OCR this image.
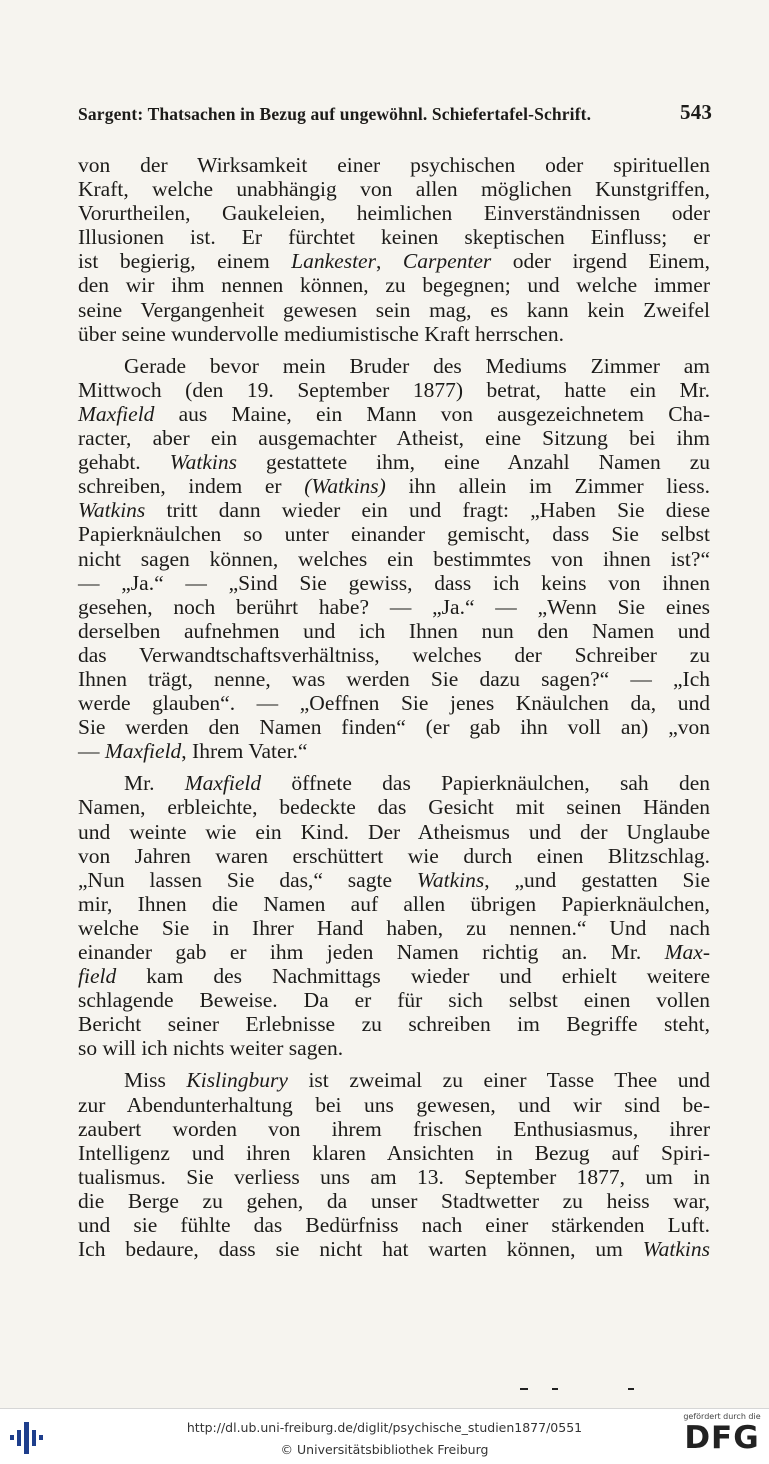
Sargent: Thatsachen in Bezug auf ungewöhnl. Schiefertafel-Schrift.	543
von der Wirksamkeit einer psychischen oder spirituellen
Kraft, welche unabhängig von allen möglichen Kunstgriffen,
Vorurtheilen, Gaukeleien, heimlichen Einverständnissen oder
Illusionen ist. Er fürchtet keinen skeptischen Einfluss; er
ist begierig, einem Lankester, Carpenter oder irgend Einem,
den wir ihm nennen können, zu begegnen; und welche immer
seine Vergangenheit gewesen sein mag, es kann kein Zweifel
über seine wundervolle mediumistische Kraft herrschen.
Gerade bevor mein Bruder des Mediums Zimmer am
Mittwoch (den 19. September 1877) betrat, hatte ein Mr.
Maxfield aus Maine, ein Mann von ausgezeichnetem Cha-
racter, aber ein ausgemachter Atheist, eine Sitzung bei ihm
gehabt. Watkins gestattete ihm, eine Anzahl Namen zu
schreiben, indem er (Watkins) ihn allein im Zimmer liess.
Watkins tritt dann wieder ein und fragt: „Haben Sie diese
Papierknäulchen so unter einander gemischt, dass Sie selbst
nicht sagen können, welches ein bestimmtes von ihnen ist?“
— „Ja.“ — „Sind Sie gewiss, dass ich keins von ihnen
gesehen, noch berührt habe? — „Ja.“ — „Wenn Sie eines
derselben aufnehmen und ich Ihnen nun den Namen und
das Verwandtschaftsverhältniss, welches der Schreiber zu
Ihnen trägt, nenne, was werden Sie dazu sagen?“ — „Ich
werde glauben“. — „Oeffnen Sie jenes Knäulchen da, und
Sie werden den Namen finden“ (er gab ihn voll an) „von
— Maxfield, Ihrem Vater.“
Mr. Maxfield öffnete das Papierknäulchen, sah den
Namen, erbleichte, bedeckte das Gesicht mit seinen Händen
und weinte wie ein Kind. Der Atheismus und der Unglaube
von Jahren waren erschüttert wie durch einen Blitzschlag.
„Nun lassen Sie das,“ sagte Watkins, „und gestatten Sie
mir, Ihnen die Namen auf allen übrigen Papierknäulchen,
welche Sie in Ihrer Hand haben, zu nennen.“ Und nach
einander gab er ihm jeden Namen richtig an. Mr. Max-
field kam des Nachmittags wieder und erhielt weitere
schlagende Beweise. Da er für sich selbst einen vollen
Bericht seiner Erlebnisse zu schreiben im Begriffe steht,
so will ich nichts weiter sagen.
Miss Kislingbury ist zweimal zu einer Tasse Thee und
zur Abendunterhaltung bei uns gewesen, und wir sind be-
zaubert worden von ihrem frischen Enthusiasmus, ihrer
Intelligenz und ihren klaren Ansichten in Bezug auf Spiri-
tualismus. Sie verliess uns am 13. September 1877, um in
die Berge zu gehen, da unser Stadtwetter zu heiss war,
und sie fühlte das Bedürfniss nach einer stärkenden Luft.
Ich bedaure, dass sie nicht hat warten können, um Watkins
http://dl.ub.uni-freiburg.de/diglit/psychische_studien1877/0551
© Universitätsbibliothek Freiburg
gefördert durch die
DFG
